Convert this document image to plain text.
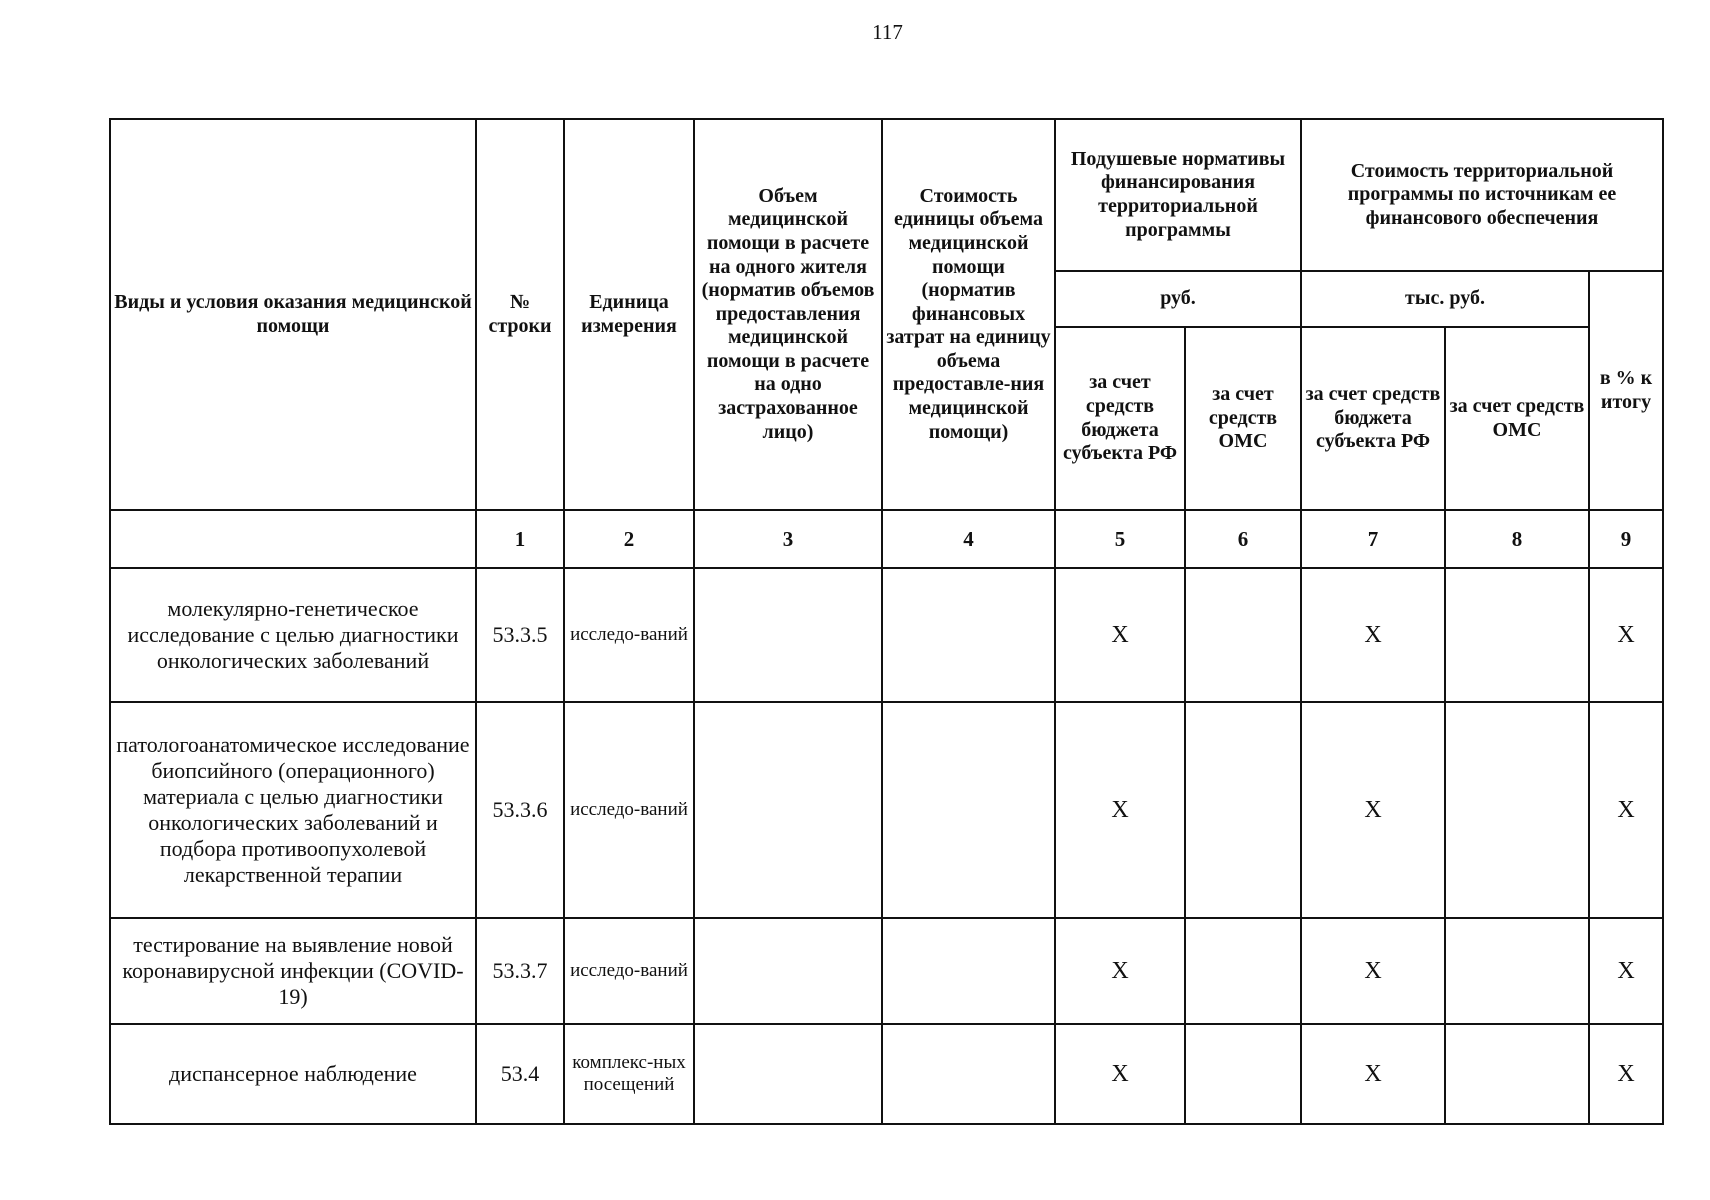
117
Виды и условия оказания медицинской помощи	№ строки	Единица измерения	Объем медицинской помощи в расчете на одного жителя (норматив объемов предоставления медицинской помощи в расчете на одно застрахованное лицо)	Стоимость единицы объема медицинской помощи (норматив финансовых затрат на единицу объема предоставле-ния медицинской помощи)	Подушевые нормативы финансирования территориальной программы		Стоимость территориальной программы по источникам ее финансового обеспечения		
					руб.		тыс. руб.		в % к итогу
					за счет средств бюджета субъекта РФ	за счет средств ОМС	за счет средств бюджета субъекта РФ	за счет средств ОМС	
	1	2	3	4	5	6	7	8	9
молекулярно-генетическое исследование с целью диагностики онкологических заболеваний	53.3.5	исследо-ваний			Х		Х		Х
патологоанатомическое исследование биопсийного (операционного) материала с целью диагностики онкологических заболеваний и подбора противоопухолевой лекарственной терапии	53.3.6	исследо-ваний			Х		Х		Х
тестирование на выявление новой коронавирусной инфекции (COVID-19)	53.3.7	исследо-ваний			Х		Х		Х
диспансерное наблюдение	53.4	комплекс-ных посещений			Х		Х		Х
